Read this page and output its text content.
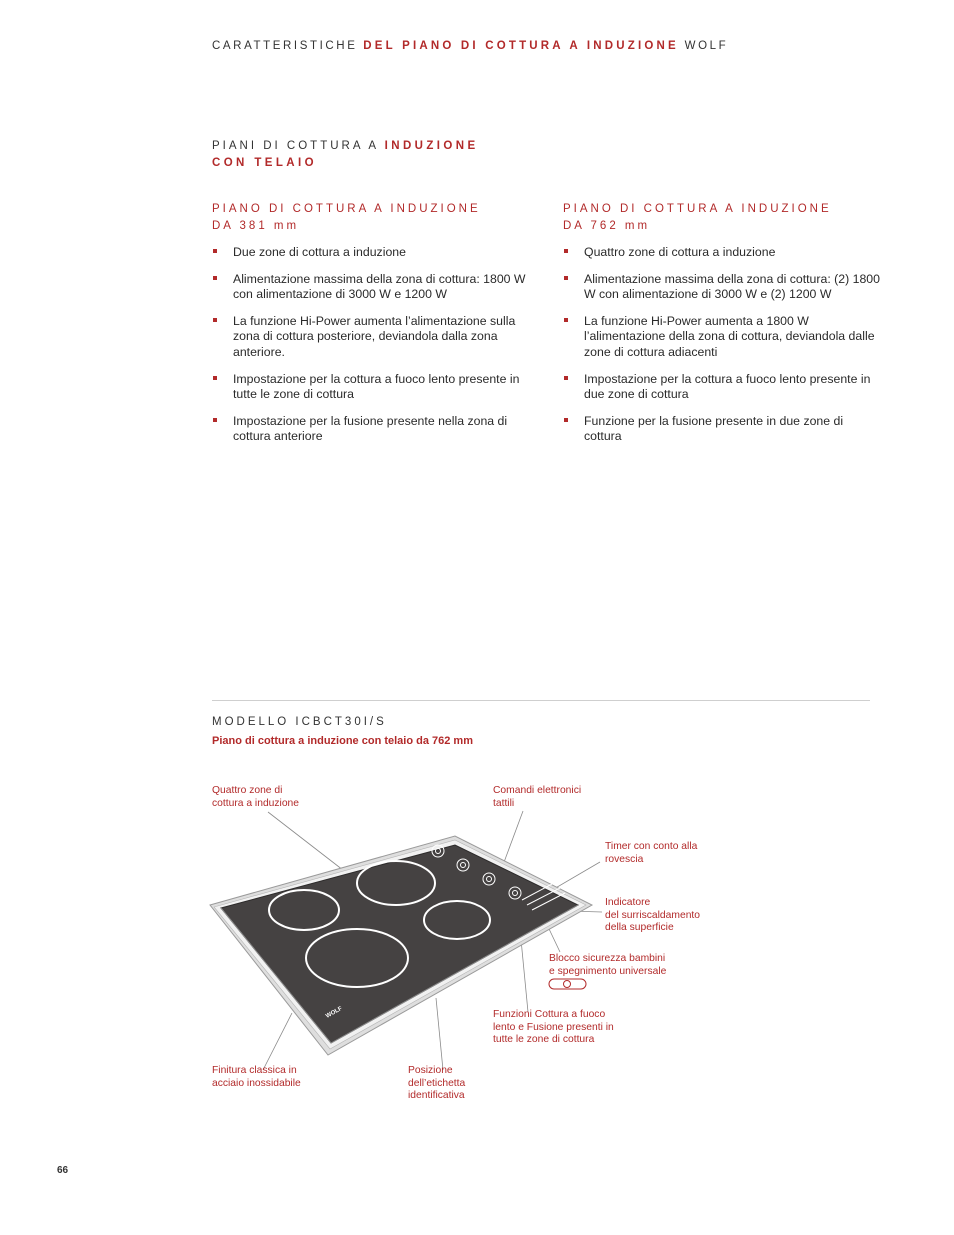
CARATTERISTICHE DEL PIANO DI COTTURA A INDUZIONE WOLF
PIANI DI COTTURA A INDUZIONE
CON TELAIO
PIANO DI COTTURA A INDUZIONE
DA 381 mm
Due zone di cottura a induzione
Alimentazione massima della zona di cottura: 1800 W con alimentazione di 3000 W e 1200 W
La funzione Hi-Power aumenta l’alimentazione sulla zona di cottura posteriore, deviandola dalla zona anteriore.
Impostazione per la cottura a fuoco lento presente in tutte le zone di cottura
Impostazione per la fusione presente nella zona di cottura anteriore
PIANO DI COTTURA A INDUZIONE
DA 762 mm
Quattro zone di cottura a induzione
Alimentazione massima della zona di cottura: (2) 1800 W con alimentazione di 3000 W e (2) 1200 W
La funzione Hi-Power aumenta a 1800 W l’alimentazione della zona di cottura, deviandola dalle zone di cottura adiacenti
Impostazione per la cottura a fuoco lento presente in due zone di cottura
Funzione per la fusione presente in due zone di cottura
MODELLO ICBCT30I/S
Piano di cottura a induzione con telaio da 762 mm
WOLF
Quattro zone di
cottura a induzione
Comandi elettronici
tattili
Timer con conto alla
rovescia
Indicatore
del surriscaldamento
della superficie
Blocco sicurezza bambini
e spegnimento universale
Funzioni Cottura a fuoco
lento e Fusione presenti in
tutte le zone di cottura
Finitura classica in
acciaio inossidabile
Posizione
dell’etichetta
identificativa
66
